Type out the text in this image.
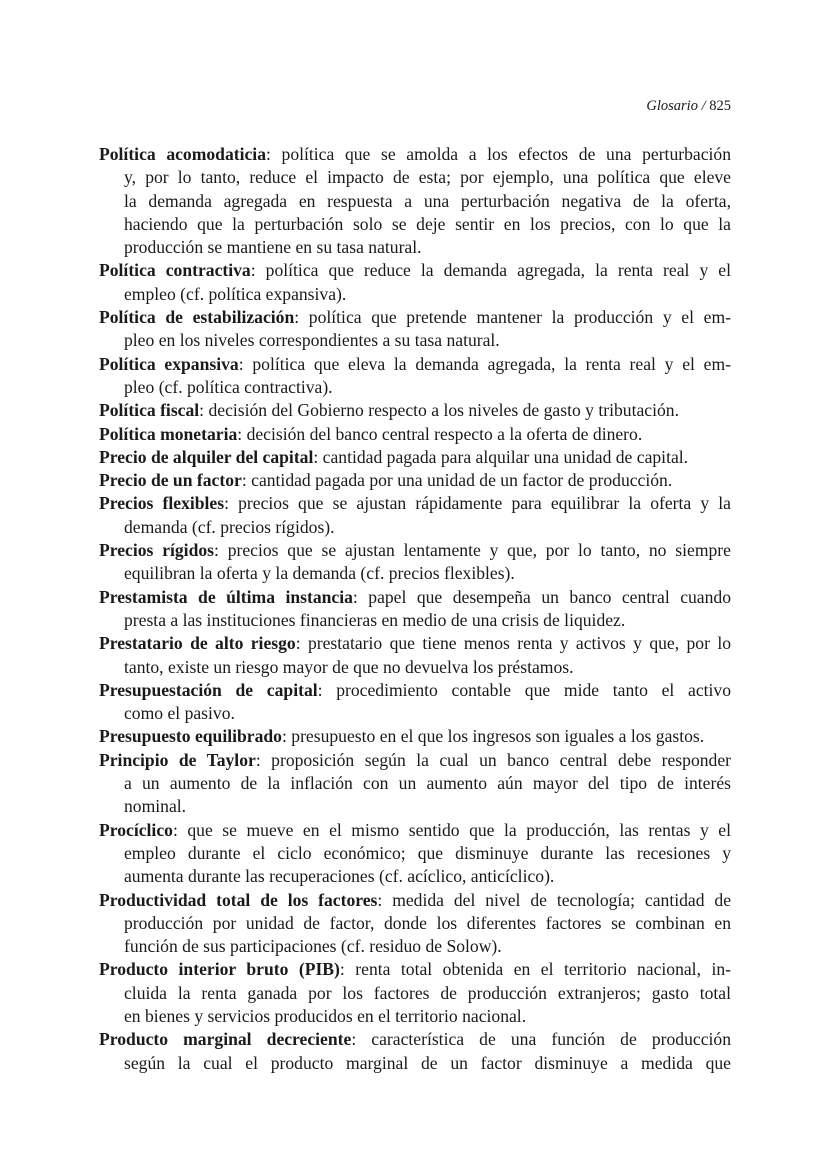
Glosario / 825
Política acomodaticia: política que se amolda a los efectos de una perturbación
y, por lo tanto, reduce el impacto de esta; por ejemplo, una política que eleve
la demanda agregada en respuesta a una perturbación negativa de la oferta,
haciendo que la perturbación solo se deje sentir en los precios, con lo que la
producción se mantiene en su tasa natural.
Política contractiva: política que reduce la demanda agregada, la renta real y el
empleo (cf. política expansiva).
Política de estabilización: política que pretende mantener la producción y el em-
pleo en los niveles correspondientes a su tasa natural.
Política expansiva: política que eleva la demanda agregada, la renta real y el em-
pleo (cf. política contractiva).
Política fiscal: decisión del Gobierno respecto a los niveles de gasto y tributación.
Política monetaria: decisión del banco central respecto a la oferta de dinero.
Precio de alquiler del capital: cantidad pagada para alquilar una unidad de capital.
Precio de un factor: cantidad pagada por una unidad de un factor de producción.
Precios flexibles: precios que se ajustan rápidamente para equilibrar la oferta y la
demanda (cf. precios rígidos).
Precios rígidos: precios que se ajustan lentamente y que, por lo tanto, no siempre
equilibran la oferta y la demanda (cf. precios flexibles).
Prestamista de última instancia: papel que desempeña un banco central cuando
presta a las instituciones financieras en medio de una crisis de liquidez.
Prestatario de alto riesgo: prestatario que tiene menos renta y activos y que, por lo
tanto, existe un riesgo mayor de que no devuelva los préstamos.
Presupuestación de capital: procedimiento contable que mide tanto el activo
como el pasivo.
Presupuesto equilibrado: presupuesto en el que los ingresos son iguales a los gastos.
Principio de Taylor: proposición según la cual un banco central debe responder
a un aumento de la inflación con un aumento aún mayor del tipo de interés
nominal.
Procíclico: que se mueve en el mismo sentido que la producción, las rentas y el
empleo durante el ciclo económico; que disminuye durante las recesiones y
aumenta durante las recuperaciones (cf. acíclico, anticíclico).
Productividad total de los factores: medida del nivel de tecnología; cantidad de
producción por unidad de factor, donde los diferentes factores se combinan en
función de sus participaciones (cf. residuo de Solow).
Producto interior bruto (PIB): renta total obtenida en el territorio nacional, in-
cluida la renta ganada por los factores de producción extranjeros; gasto total
en bienes y servicios producidos en el territorio nacional.
Producto marginal decreciente: característica de una función de producción
según la cual el producto marginal de un factor disminuye a medida que
